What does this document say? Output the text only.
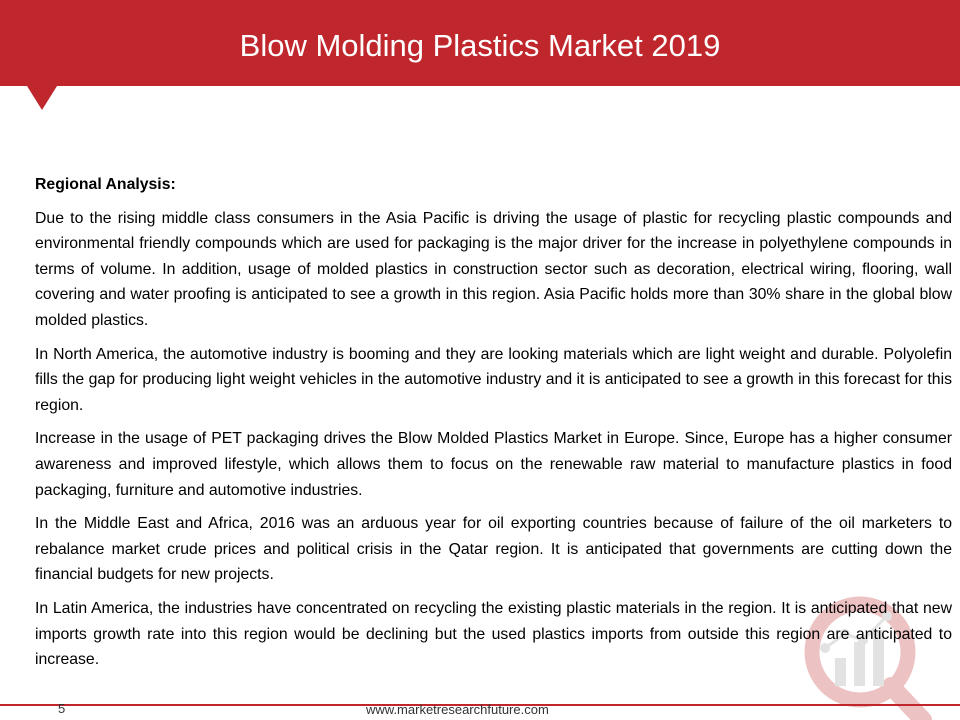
Blow Molding Plastics Market 2019
Regional Analysis:

Due to the rising middle class consumers in the Asia Pacific is driving the usage of plastic for recycling plastic compounds and environmental friendly compounds which are used for packaging is the major driver for the increase in polyethylene compounds in terms of volume. In addition, usage of molded plastics in construction sector such as decoration, electrical wiring, flooring, wall covering and water proofing is anticipated to see a growth in this region. Asia Pacific holds more than 30% share in the global blow molded plastics.

In North America, the automotive industry is booming and they are looking materials which are light weight and durable. Polyolefin fills the gap for producing light weight vehicles in the automotive industry and it is anticipated to see a growth in this forecast for this region.

Increase in the usage of PET packaging drives the Blow Molded Plastics Market in Europe. Since, Europe has a higher consumer awareness and improved lifestyle, which allows them to focus on the renewable raw material to manufacture plastics in food packaging, furniture and automotive industries.

In the Middle East and Africa, 2016 was an arduous year for oil exporting countries because of failure of the oil marketers to rebalance market crude prices and political crisis in the Qatar region. It is anticipated that governments are cutting down the financial budgets for new projects.

In Latin America, the industries have concentrated on recycling the existing plastic materials in the region. It is anticipated that new imports growth rate into this region would be declining but the used plastics imports from outside this region are anticipated to increase.

5	www.marketresearchfuture.com
